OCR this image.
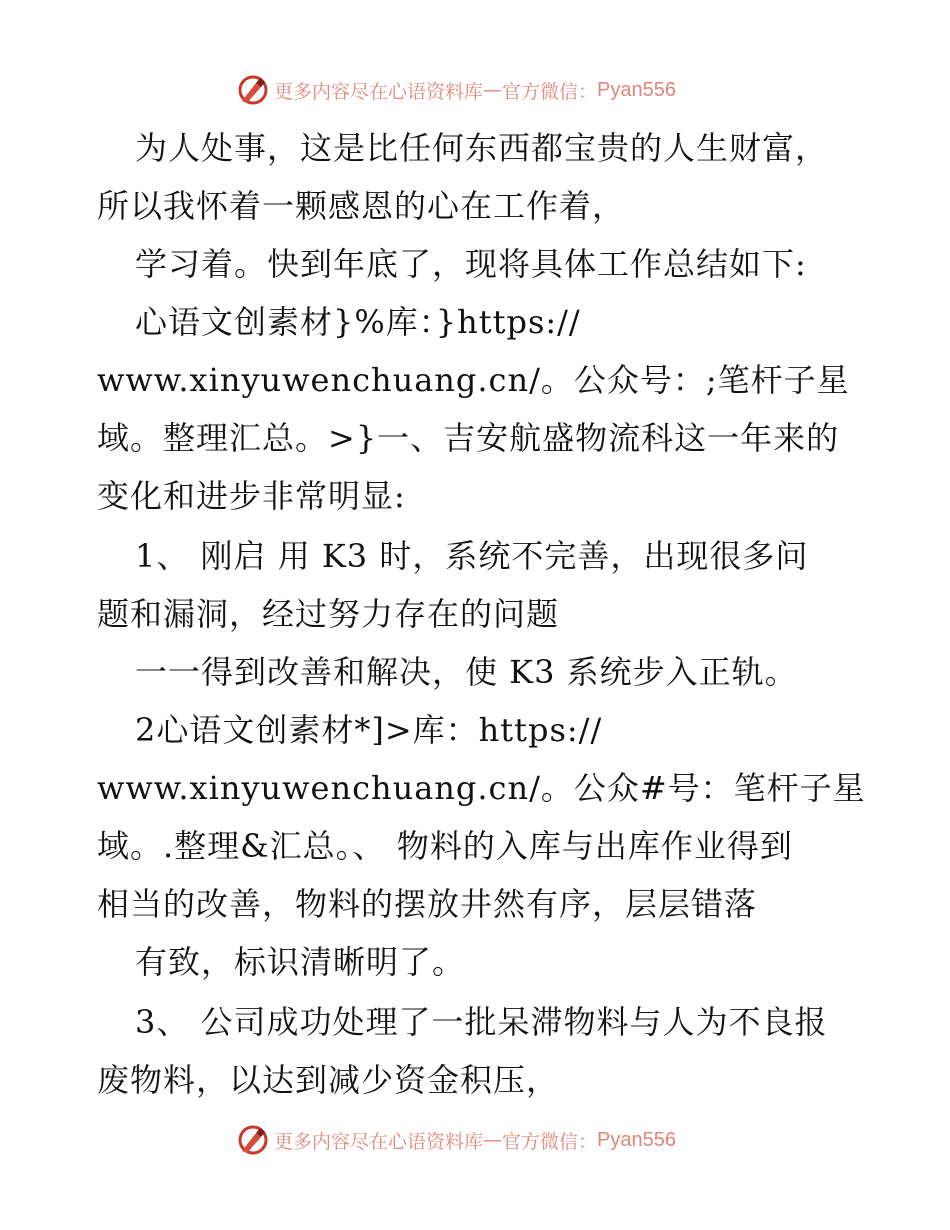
更多内容尽在心语资料库 — 官方微信： Pyan556
为人处事，这是比任何东西都宝贵的人生财富，
所以我怀着一颗感恩的心在工作着，
学习着。快到年底了，现将具体工作总结如下:
心语文创素材}%库：}https://
www.xinyuwenchuang.cn/。公众号：;笔杆子星
域。整理汇总。>}一、吉安航盛物流科这一年来的
变化和进步非常明显:
1、 刚启 用 K3 时，系统不完善，出现很多问
题和漏洞，经过努力存在的问题
一一得到改善和解决，使 K3 系统步入正轨。
2心语文创素材*]>库：https://
www.xinyuwenchuang.cn/。公众#号：笔杆子星
域。.整理&汇总。、 物料的入库与出库作业得到
相当的改善，物料的摆放井然有序，层层错落
有致，标识清晰明了。
3、 公司成功处理了一批呆滞物料与人为不良报
废物料，以达到减少资金积压，
更多内容尽在心语资料库 — 官方微信： Pyan556
